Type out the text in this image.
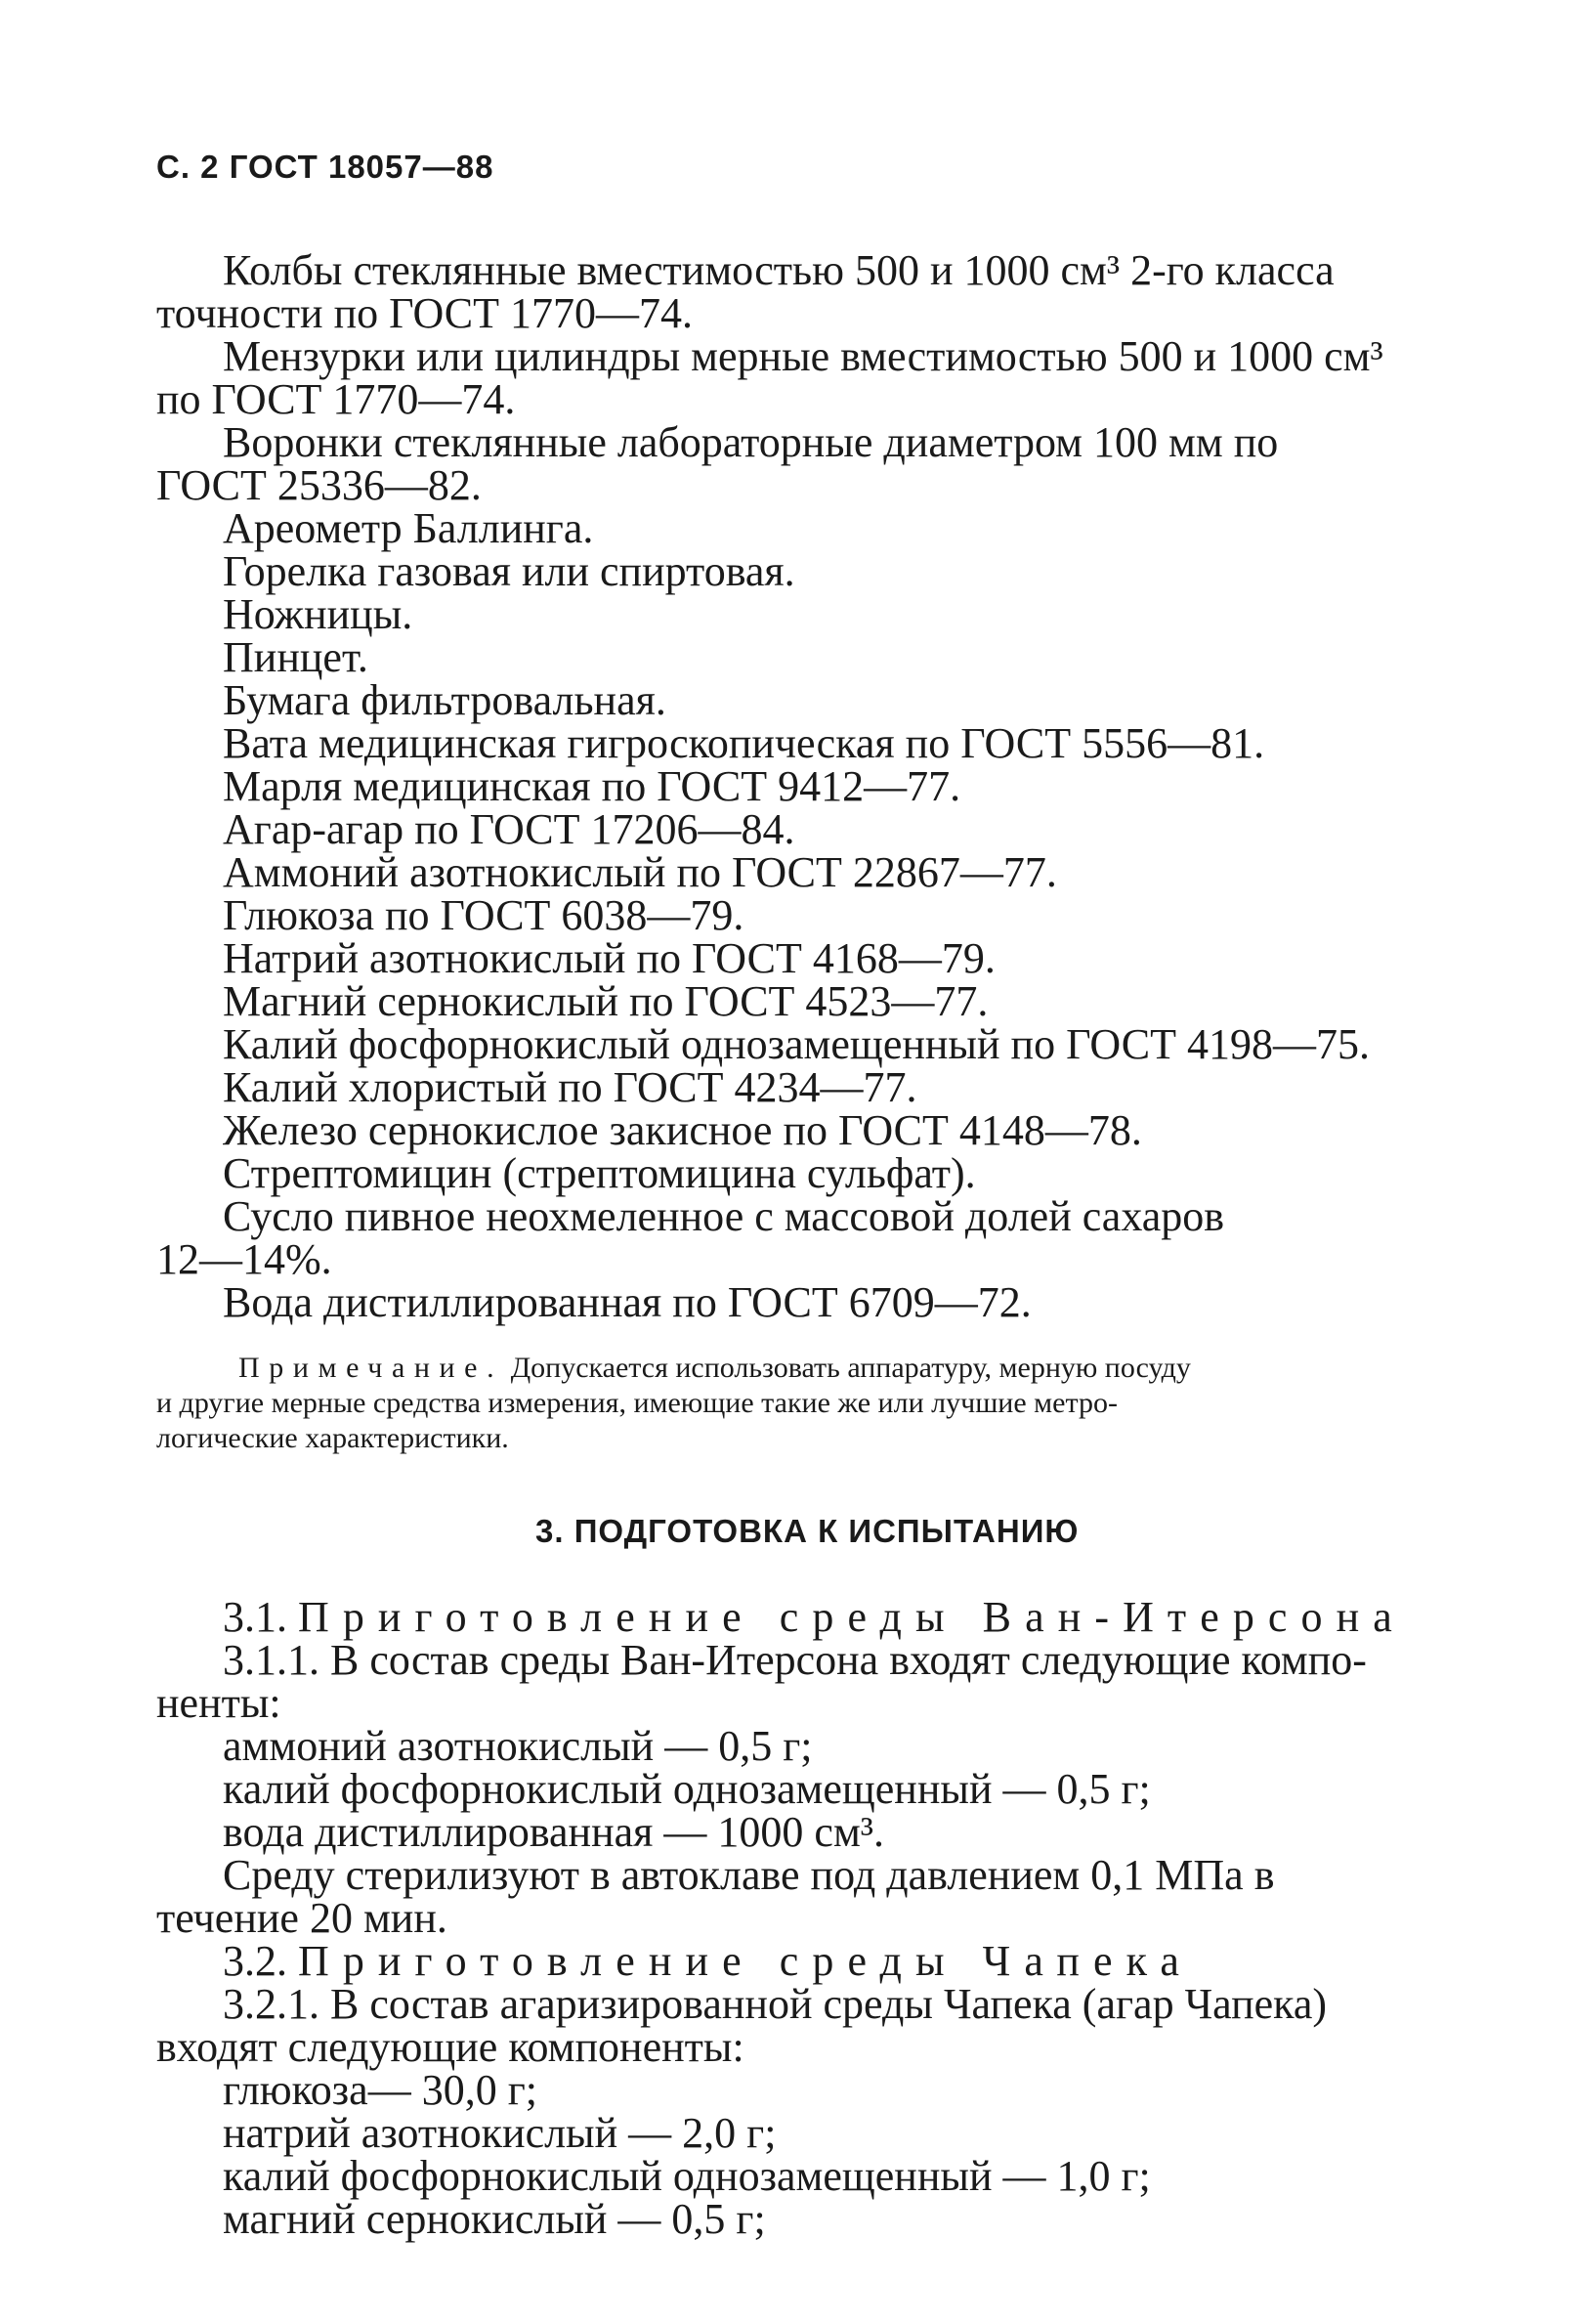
С. 2 ГОСТ 18057—88
Колбы стеклянные вместимостью 500 и 1000 см³ 2-го класса
точности по ГОСТ 1770—74.
Мензурки или цилиндры мерные вместимостью 500 и 1000 см³
по ГОСТ 1770—74.
Воронки стеклянные лабораторные диаметром 100 мм по
ГОСТ 25336—82.
Ареометр Баллинга.
Горелка газовая или спиртовая.
Ножницы.
Пинцет.
Бумага фильтровальная.
Вата медицинская гигроскопическая по ГОСТ 5556—81.
Марля медицинская по ГОСТ 9412—77.
Агар-агар по ГОСТ 17206—84.
Аммоний азотнокислый по ГОСТ 22867—77.
Глюкоза по ГОСТ 6038—79.
Натрий азотнокислый по ГОСТ 4168—79.
Магний сернокислый по ГОСТ 4523—77.
Калий фосфорнокислый однозамещенный по ГОСТ 4198—75.
Калий хлористый по ГОСТ 4234—77.
Железо сернокислое закисное по ГОСТ 4148—78.
Стрептомицин (стрептомицина сульфат).
Сусло пивное неохмеленное с массовой долей сахаров
12—14%.
Вода дистиллированная по ГОСТ 6709—72.
Примечание. Допускается использовать аппаратуру, мерную посуду
и другие мерные средства измерения, имеющие такие же или лучшие метро-
логические характеристики.
3. ПОДГОТОВКА К ИСПЫТАНИЮ
3.1. Приготовление среды Ван-Итерсона
3.1.1. В состав среды Ван-Итерсона входят следующие компо-
ненты:
аммоний азотнокислый — 0,5 г;
калий фосфорнокислый однозамещенный — 0,5 г;
вода дистиллированная — 1000 см³.
Среду стерилизуют в автоклаве под давлением 0,1 МПа в
течение 20 мин.
3.2. Приготовление среды Чапека
3.2.1. В состав агаризированной среды Чапека (агар Чапека)
входят следующие компоненты:
глюкоза— 30,0 г;
натрий азотнокислый — 2,0 г;
калий фосфорнокислый однозамещенный — 1,0 г;
магний сернокислый — 0,5 г;
